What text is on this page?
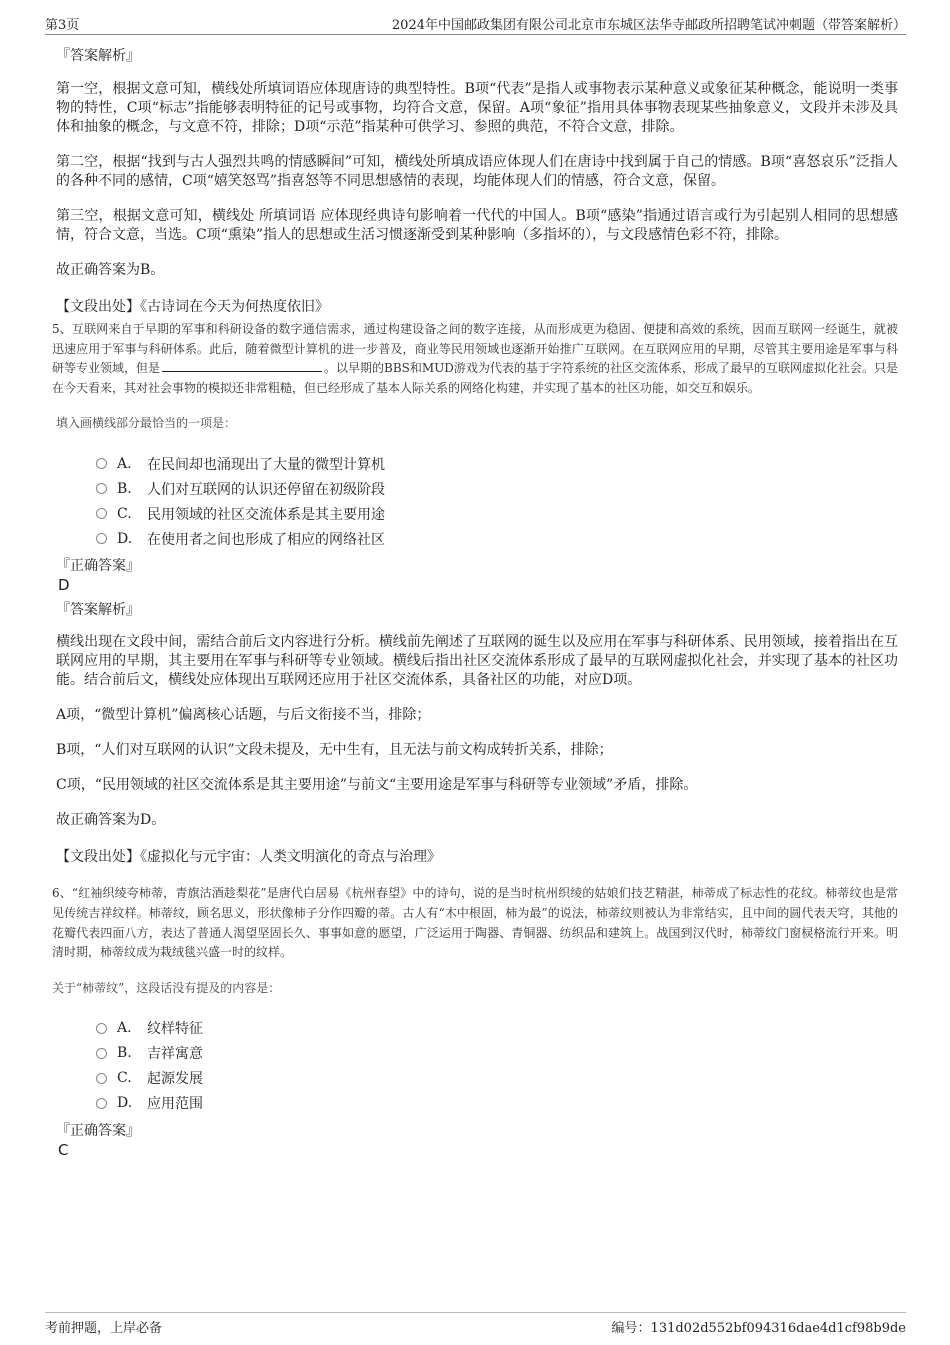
第3页	2024年中国邮政集团有限公司北京市东城区法华寺邮政所招聘笔试冲刺题（带答案解析）
『答案解析』

第一空，根据文意可知，横线处所填词语应体现唐诗的典型特性。B项“代表”是指人或事物表示某种意义或象征某种概念，能说明一类事物的特性，C项“标志”指能够表明特征的记号或事物，均符合文意，保留。A项“象征”指用具体事物表现某些抽象意义，文段并未涉及具体和抽象的概念，与文意不符，排除；D项“示范”指某种可供学习、参照的典范，不符合文意，排除。

第二空，根据“找到与古人强烈共鸣的情感瞬间”可知，横线处所填成语应体现人们在唐诗中找到属于自己的情感。B项“喜怒哀乐”泛指人的各种不同的感情，C项“嬉笑怒骂”指喜怒等不同思想感情的表现，均能体现人们的情感，符合文意，保留。

第三空，根据文意可知，横线处 所填词语 应体现经典诗句影响着一代代的中国人。B项“感染”指通过语言或行为引起别人相同的思想感情，符合文意，当选。C项“熏染”指人的思想或生活习惯逐渐受到某种影响（多指坏的），与文段感情色彩不符，排除。

故正确答案为B。

【文段出处】《古诗词在今天为何热度依旧》

5、互联网来自于早期的军事和科研设备的数字通信需求，通过构建设备之间的数字连接，从而形成更为稳固、便捷和高效的系统，因而互联网一经诞生，就被迅速应用于军事与科研体系。此后，随着微型计算机的进一步普及，商业等民用领域也逐渐开始推广互联网。在互联网应用的早期，尽管其主要用途是军事与科研等专业领域，但是	。以早期的BBS和MUD游戏为代表的基于字符系统的社区交流体系，形成了最早的互联网虚拟化社会。只是在今天看来，其对社会事物的模拟还非常粗糙，但已经形成了基本人际关系的网络化构建，并实现了基本的社区功能，如交互和娱乐。

填入画横线部分最恰当的一项是：
A.	在民间却也涌现出了大量的微型计算机
B.	人们对互联网的认识还停留在初级阶段
C.	民用领域的社区交流体系是其主要用途
D.	在使用者之间也形成了相应的网络社区
『正确答案』
D
『答案解析』

横线出现在文段中间，需结合前后文内容进行分析。横线前先阐述了互联网的诞生以及应用在军事与科研体系、民用领域，接着指出在互联网应用的早期，其主要用在军事与科研等专业领域。横线后指出社区交流体系形成了最早的互联网虚拟化社会，并实现了基本的社区功能。结合前后文，横线处应体现出互联网还应用于社区交流体系，具备社区的功能，对应D项。

A项，“微型计算机”偏离核心话题，与后文衔接不当，排除；

B项，“人们对互联网的认识”文段未提及，无中生有，且无法与前文构成转折关系，排除；

C项，“民用领域的社区交流体系是其主要用途”与前文“主要用途是军事与科研等专业领域”矛盾，排除。

故正确答案为D。

【文段出处】《虚拟化与元宇宙：人类文明演化的奇点与治理》

6、“红袖织绫夸柿蒂，青旗沽酒趁梨花”是唐代白居易《杭州春望》中的诗句，说的是当时杭州织绫的姑娘们技艺精湛，柿蒂成了标志性的花纹。柿蒂纹也是常见传统吉祥纹样。柿蒂纹，顾名思义，形状像柿子分作四瓣的蒂。古人有“木中根固，柿为最”的说法，柿蒂纹则被认为非常结实，且中间的圆代表天穹，其他的花瓣代表四面八方，表达了普通人渴望坚固长久、事事如意的愿望，广泛运用于陶器、青铜器、纺织品和建筑上。战国到汉代时，柿蒂纹门窗棂格流行开来。明清时期，柿蒂纹成为栽绒毯兴盛一时的纹样。

关于“柿蒂纹”，这段话没有提及的内容是：
A.	纹样特征
B.	吉祥寓意
C.	起源发展
D.	应用范围
『正确答案』
C
考前押题，上岸必备	编号：131d02d552bf094316dae4d1cf98b9de
